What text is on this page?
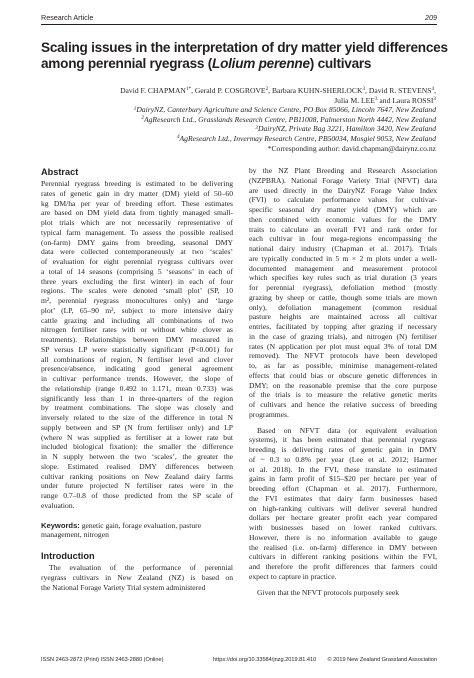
Research Article	209

Scaling issues in the interpretation of dry matter yield differences

among perennial ryegrass (Lolium perenne) cultivars

David F. $CHAPMAN^{1*}$, Gerald P. COSGROVE$^2$, Barbara KUHN-SHERLOCK$^3$, David R. STEVENS$^4$,

Julia M. LEE$^3$ and Laura ROSSI$^3$

$^1$DairyNZ, Canterbury Agriculture and Science Centre, PO Box 85066, Lincoln 7647, New Zealand

$^2$AgResearch Ltd., Grasslands Research Centre, PB11008, Palmerston North 4442, New Zealand

$^3$DairyNZ, Private Bag 3221, Hamilton 3420, New Zealand

$^4$AgResearch Ltd., Invermay Research Centre, PB50034, Mosgiel 9053, New Zealand

*Corresponding author: david.chapman@dairynz.co.nz

Abstract
Perennial ryegrass breeding is estimated to be delivering
rates of genetic gain in dry matter (DM) yield of 50–60
kg DM/ha per year of breeding effort. These estimates
are based on DM yield data from tightly managed small-
plot trials which are not necessarily representative of
typical farm management. To assess the possible realised
(on-farm) DMY gains from breeding, seasonal DMY
data were collected contemporaneously at two ‘scales’
of evaluation for eight perennial ryegrass cultivars over
a total of 14 seasons (comprising 5 ‘seasons’ in each of
three years excluding the first winter) in each of four
regions. The scales were denoted ‘small plot’ (SP, 10
m², perennial ryegrass monocultures only) and ‘large
plot’ (LP, 65–90 m², subject to more intensive dairy
cattle grazing and including all combinations of two
nitrogen fertiliser rates with or without white clover as
treatments). Relationships between DMY measured in
SP versus LP were statistically significant (P<0.001) for
all combinations of region, N fertiliser level and clover
presence/absence, indicating good general agreement
in cultivar performance trends. However, the slope of
the relationship (range 0.492 to 1.171, mean 0.733) was
significantly less than 1 in three-quarters of the region
by treatment combinations. The slope was closely and
inversely related to the size of the difference in total N
supply between and SP (N from fertiliser only) and LP
(where N was supplied as fertiliser at a lower rate but
included biological fixation): the smaller the difference
in N supply between the two ‘scales’, the greater the
slope. Estimated realised DMY differences between
cultivar ranking positions on New Zealand dairy farms
under future projected N fertiliser rates were in the
range 0.7–0.8 of those predicted from the SP scale of
evaluation.
Keywords: genetic gain, forage evaluation, pasture
management, nitrogen
Introduction
The evaluation of the performance of perennial
ryegrass cultivars in New Zealand (NZ) is based on
the National Forage Variety Trial system administered
by the NZ Plant Breeding and Research Association
(NZPBRA). National Forage Variety Trial (NFVT) data
are used directly in the DairyNZ Forage Value Index
(FVI) to calculate performance values for cultivar-
specific seasonal dry matter yield (DMY) which are
then combined with economic values for the DMY
traits to calculate an overall FVI and rank order for
each cultivar in four mega-regions encompassing the
national dairy industry (Chapman et al. 2017). Trials
are typically conducted in 5 m × 2 m plots under a well-
documented management and measurement protocol
which specifies key rules such as trial duration (3 years
for perennial ryegrass), defoliation method (mostly
grazing by sheep or cattle, though some trials are mown
only), defoliation management (common residual
pasture heights are maintained across all cultivar
entries, facilitated by topping after grazing if necessary
in the case of grazing trials), and nitrogen (N) fertiliser
rates (N application per plot must equal 3% of total DM
removed). The NFVT protocols have been developed
to, as far as possible, minimise management-related
effects that could bias or obscure genetic differences in
DMY; on the reasonable premise that the core purpose
of the trials is to measure the relative genetic merits
of cultivars and hence the relative success of breeding
programmes.
Based on NFVT data (or equivalent evaluation
systems), it has been estimated that perennial ryegrass
breeding is delivering rates of genetic gain in DMY
of ~ 0.3 to 0.8% per year (Lee et al. 2012; Harmer
et al. 2018). In the FVI, these translate to estimated
gains in farm profit of $15–$20 per hectare per year of
breeding effort (Chapman et al. 2017). Furthermore,
the FVI estimates that dairy farm businesses based
on high-ranking cultivars will deliver several hundred
dollars per hectare greater profit each year compared
with businesses based on lower ranked cultivars.
However, there is no information available to gauge
the realised (i.e. on-farm) difference in DMY between
cultivars in different ranking positions within the FVI,
and therefore the profit differences that farmers could
expect to capture in practice.
Given that the NFVT protocols purposely seek
ISSN 2463-2872 (Print) ISSN 2463-2880 (Online)	https://doi.org/10.33584/jnzg.2019.81.410 © 2019 New Zealand Grassland Association
